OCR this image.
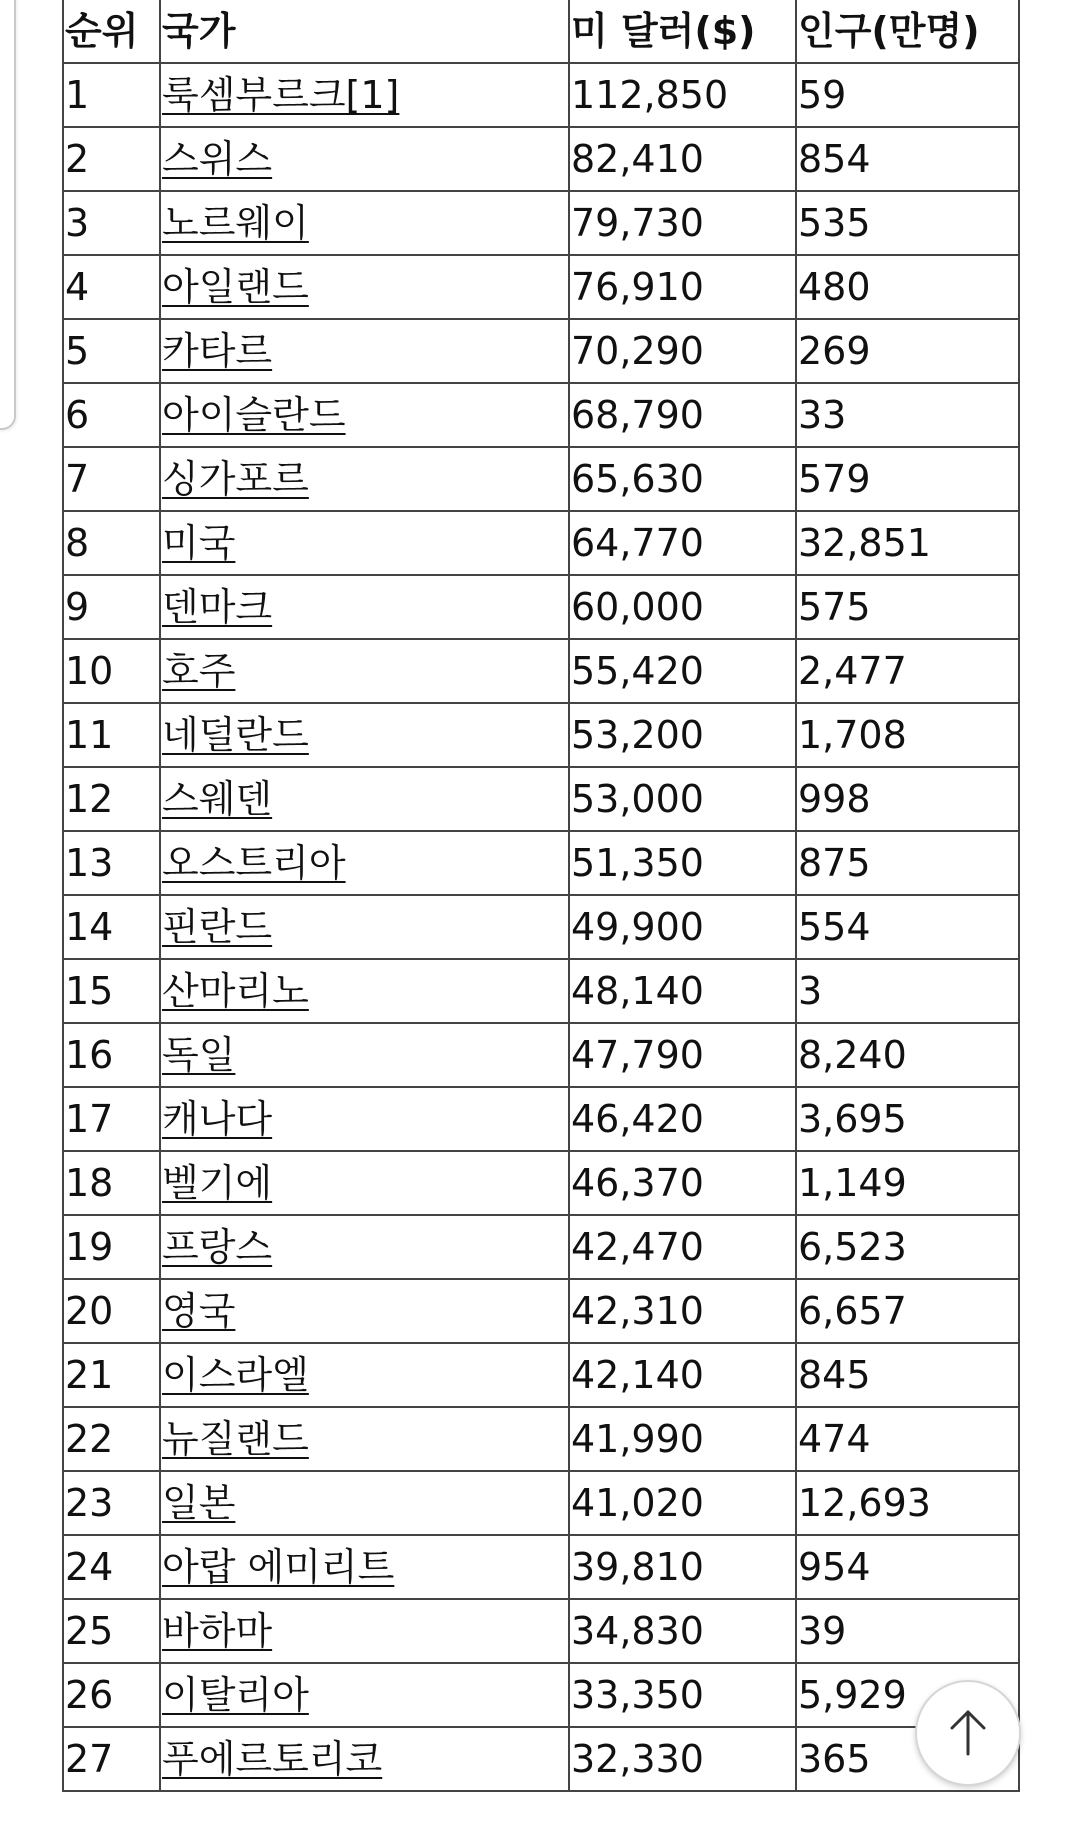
순위	국가	미 달러($)	인구(만명)
1	룩셈부르크[1]	112,850	59
2	스위스	82,410	854
3	노르웨이	79,730	535
4	아일랜드	76,910	480
5	카타르	70,290	269
6	아이슬란드	68,790	33
7	싱가포르	65,630	579
8	미국	64,770	32,851
9	덴마크	60,000	575
10	호주	55,420	2,477
11	네덜란드	53,200	1,708
12	스웨덴	53,000	998
13	오스트리아	51,350	875
14	핀란드	49,900	554
15	산마리노	48,140	3
16	독일	47,790	8,240
17	캐나다	46,420	3,695
18	벨기에	46,370	1,149
19	프랑스	42,470	6,523
20	영국	42,310	6,657
21	이스라엘	42,140	845
22	뉴질랜드	41,990	474
23	일본	41,020	12,693
24	아랍 에미리트	39,810	954
25	바하마	34,830	39
26	이탈리아	33,350	5,929
27	푸에르토리코	32,330	365
